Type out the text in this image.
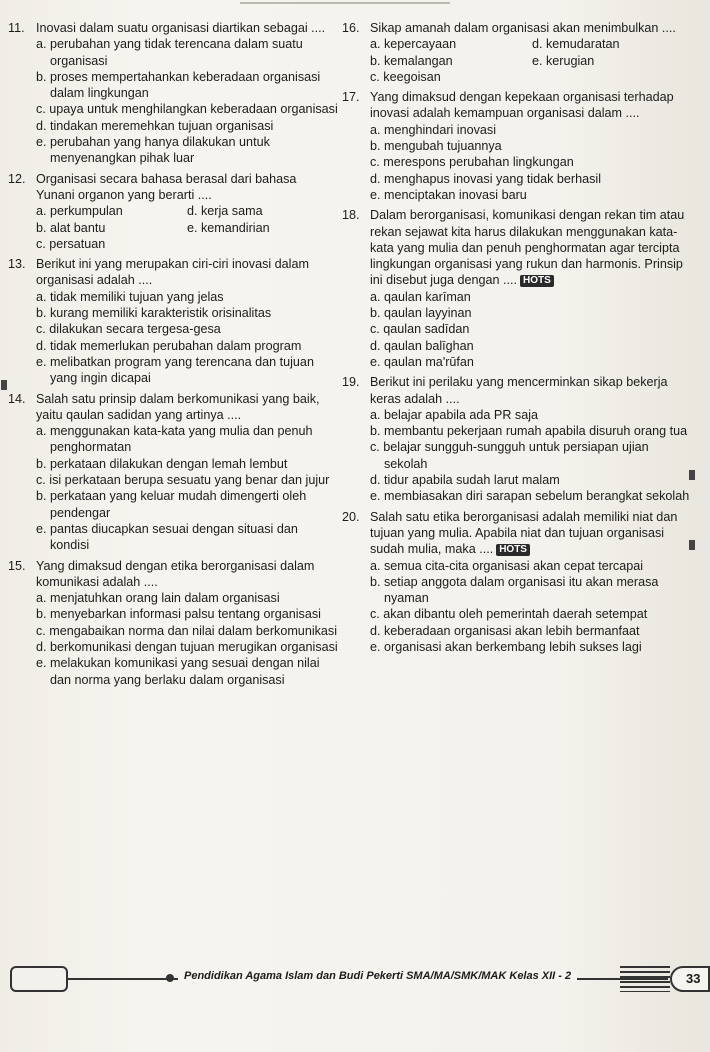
11. Inovasi dalam suatu organisasi diartikan sebagai ....
a. perubahan yang tidak terencana dalam suatu organisasi
b. proses mempertahankan keberadaan organisasi dalam lingkungan
c. upaya untuk menghilangkan keberadaan organisasi
d. tindakan meremehkan tujuan organisasi
e. perubahan yang hanya dilakukan untuk menyenangkan pihak luar
12. Organisasi secara bahasa berasal dari bahasa Yunani organon yang berarti ....
a. perkumpulan	d. kerja sama
b. alat bantu	e. kemandirian
c. persatuan
13. Berikut ini yang merupakan ciri-ciri inovasi dalam organisasi adalah ....
a. tidak memiliki tujuan yang jelas
b. kurang memiliki karakteristik orisinalitas
c. dilakukan secara tergesa-gesa
d. tidak memerlukan perubahan dalam program
e. melibatkan program yang terencana dan tujuan yang ingin dicapai
14. Salah satu prinsip dalam berkomunikasi yang baik, yaitu qaulan sadidan yang artinya ....
a. menggunakan kata-kata yang mulia dan penuh penghormatan
b. perkataan dilakukan dengan lemah lembut
c. isi perkataan berupa sesuatu yang benar dan jujur
b. perkataan yang keluar mudah dimengerti oleh pendengar
e. pantas diucapkan sesuai dengan situasi dan kondisi
15. Yang dimaksud dengan etika berorganisasi dalam komunikasi adalah ....
a. menjatuhkan orang lain dalam organisasi
b. menyebarkan informasi palsu tentang organisasi
c. mengabaikan norma dan nilai dalam berkomunikasi
d. berkomunikasi dengan tujuan merugikan organisasi
e. melakukan komunikasi yang sesuai dengan nilai dan norma yang berlaku dalam organisasi
16. Sikap amanah dalam organisasi akan menimbulkan ....
a. kepercayaan	d. kemudaratan
b. kemalangan	e. kerugian
c. keegoisan
17. Yang dimaksud dengan kepekaan organisasi terhadap inovasi adalah kemampuan organisasi dalam ....
a. menghindari inovasi
b. mengubah tujuannya
c. merespons perubahan lingkungan
d. menghapus inovasi yang tidak berhasil
e. menciptakan inovasi baru
18. Dalam berorganisasi, komunikasi dengan rekan tim atau rekan sejawat kita harus dilakukan menggunakan kata-kata yang mulia dan penuh penghormatan agar tercipta lingkungan organisasi yang rukun dan harmonis. Prinsip ini disebut juga dengan .... HOTS
a. qaulan karīman
b. qaulan layyinan
c. qaulan sadīdan
d. qaulan balīghan
e. qaulan ma'rūfan
19. Berikut ini perilaku yang mencerminkan sikap bekerja keras adalah ....
a. belajar apabila ada PR saja
b. membantu pekerjaan rumah apabila disuruh orang tua
c. belajar sungguh-sungguh untuk persiapan ujian sekolah
d. tidur apabila sudah larut malam
e. membiasakan diri sarapan sebelum berangkat sekolah
20. Salah satu etika berorganisasi adalah memiliki niat dan tujuan yang mulia. Apabila niat dan tujuan organisasi sudah mulia, maka .... HOTS
a. semua cita-cita organisasi akan cepat tercapai
b. setiap anggota dalam organisasi itu akan merasa nyaman
c. akan dibantu oleh pemerintah daerah setempat
d. keberadaan organisasi akan lebih bermanfaat
e. organisasi akan berkembang lebih sukses lagi
Pendidikan Agama Islam dan Budi Pekerti SMA/MA/SMK/MAK Kelas XII - 2	33
